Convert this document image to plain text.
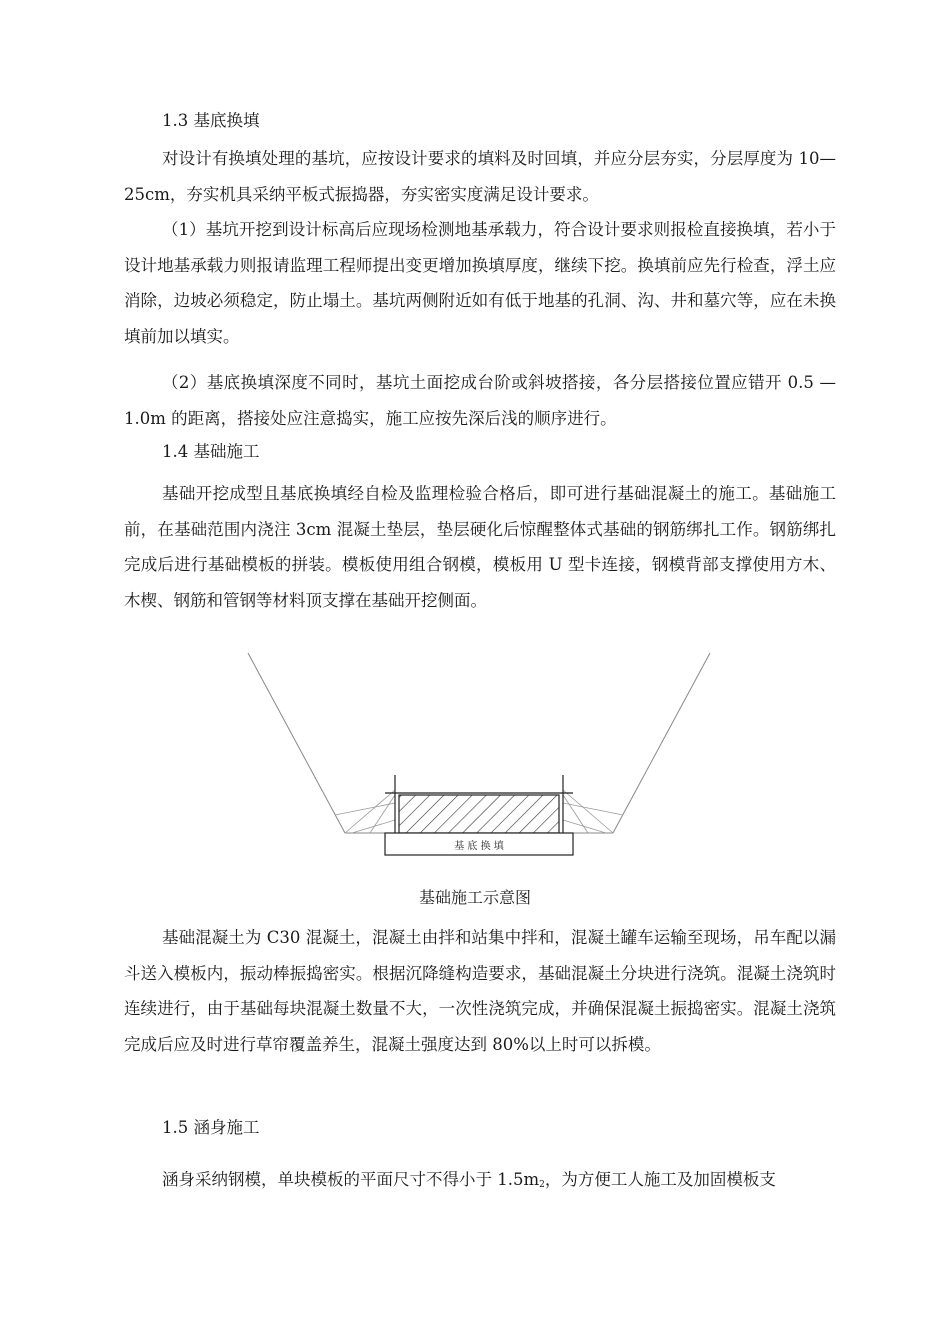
1.3 基底换填

对设计有换填处理的基坑，应按设计要求的填料及时回填，并应分层夯实，分层厚度为 10—25cm，夯实机具采纳平板式振捣器，夯实密实度满足设计要求。

（1）基坑开挖到设计标高后应现场检测地基承载力，符合设计要求则报检直接换填，若小于设计地基承载力则报请监理工程师提出变更增加换填厚度，继续下挖。换填前应先行检查，浮土应消除，边坡必须稳定，防止塌土。基坑两侧附近如有低于地基的孔洞、沟、井和墓穴等，应在未换填前加以填实。

（2）基底换填深度不同时，基坑土面挖成台阶或斜坡搭接，各分层搭接位置应错开 0.5 — 1.0m 的距离，搭接处应注意捣实，施工应按先深后浅的顺序进行。

1.4 基础施工

基础开挖成型且基底换填经自检及监理检验合格后，即可进行基础混凝土的施工。基础施工前，在基础范围内浇注 3cm 混凝土垫层，垫层硬化后惊醒整体式基础的钢筋绑扎工作。钢筋绑扎完成后进行基础模板的拼装。模板使用组合钢模，模板用 U 型卡连接，钢模背部支撑使用方木、木楔、钢筋和管钢等材料顶支撑在基础开挖侧面。

基 底 换 填
基础施工示意图

基础混凝土为 C30 混凝土，混凝土由拌和站集中拌和，混凝土罐车运输至现场，吊车配以漏斗送入模板内，振动棒振捣密实。根据沉降缝构造要求，基础混凝土分块进行浇筑。混凝土浇筑时连续进行，由于基础每块混凝土数量不大，一次性浇筑完成，并确保混凝土振捣密实。混凝土浇筑完成后应及时进行草帘覆盖养生，混凝土强度达到 80%以上时可以拆模。

1.5 涵身施工

涵身采纳钢模，单块模板的平面尺寸不得小于 $1.5m_2$，为方便工人施工及加固模板支
